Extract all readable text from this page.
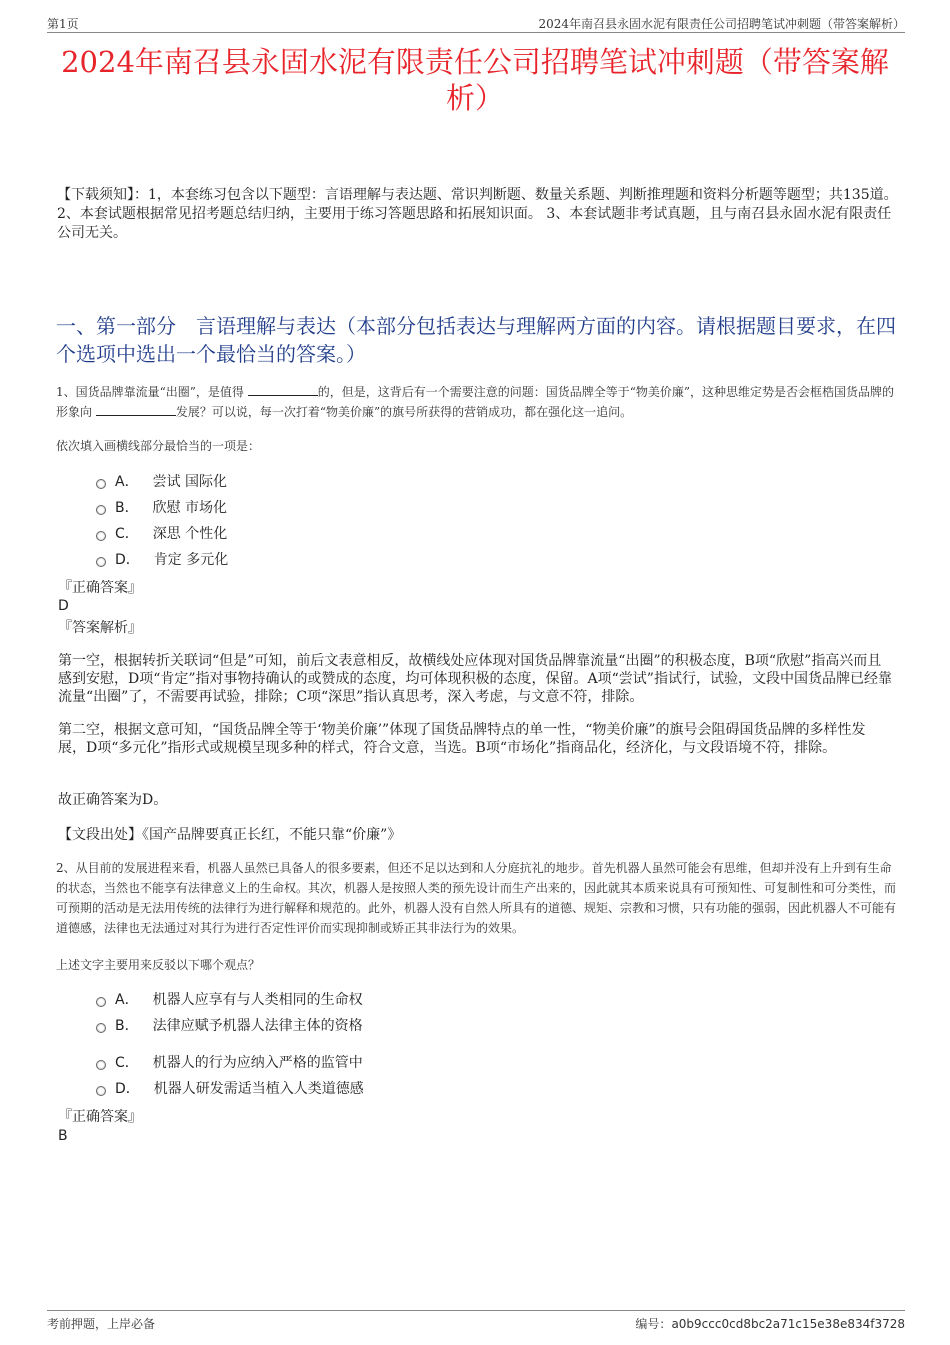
第1页	2024年南召县永固水泥有限责任公司招聘笔试冲刺题（带答案解析）
2024年南召县永固水泥有限责任公司招聘笔试冲刺题（带答案解析）
【下载须知】：1，本套练习包含以下题型：言语理解与表达题、常识判断题、数量关系题、判断推理题和资料分析题等题型；共135道。 2、本套试题根据常见招考题总结归纳，主要用于练习答题思路和拓展知识面。 3、本套试题非考试真题，且与南召县永固水泥有限责任公司无关。
一、第一部分　言语理解与表达（本部分包括表达与理解两方面的内容。请根据题目要求，在四个选项中选出一个最恰当的答案。）

1、国货品牌靠流量“出圈”，是值得	的，但是，这背后有一个需要注意的问题：国货品牌全等于“物美价廉”，这种思维定势是否会框梏国货品牌的形象向	发展？可以说，每一次打着“物美价廉”的旗号所获得的营销成功，都在强化这一追问。

依次填入画横线部分最恰当的一项是：
A． 尝试 国际化
B． 欣慰 市场化
C． 深思 个性化
D． 肯定 多元化
『正确答案』
D
『答案解析』

第一空，根据转折关联词“但是”可知，前后文表意相反，故横线处应体现对国货品牌靠流量“出圈”的积极态度，B项“欣慰”指高兴而且感到安慰，D项“肯定”指对事物持确认的或赞成的态度，均可体现积极的态度，保留。A项“尝试”指试行，试验，文段中国货品牌已经靠流量“出圈”了，不需要再试验，排除；C项“深思”指认真思考，深入考虑，与文意不符，排除。

第二空，根据文意可知，“国货品牌全等于‘物美价廉’”体现了国货品牌特点的单一性，“物美价廉”的旗号会阻碍国货品牌的多样性发展，D项“多元化”指形式或规模呈现多种的样式，符合文意，当选。B项“市场化”指商品化，经济化，与文段语境不符，排除。

故正确答案为D。

【文段出处】《国产品牌要真正长红，不能只靠“价廉”》

2、从目前的发展进程来看，机器人虽然已具备人的很多要素，但还不足以达到和人分庭抗礼的地步。首先机器人虽然可能会有思维，但却并没有上升到有生命的状态，当然也不能享有法律意义上的生命权。其次，机器人是按照人类的预先设计而生产出来的，因此就其本质来说具有可预知性、可复制性和可分类性，而可预期的活动是无法用传统的法律行为进行解释和规范的。此外，机器人没有自然人所具有的道德、规矩、宗教和习惯，只有功能的强弱，因此机器人不可能有道德感，法律也无法通过对其行为进行否定性评价而实现抑制或矫正其非法行为的效果。
上述文字主要用来反驳以下哪个观点？
A． 机器人应享有与人类相同的生命权
B． 法律应赋予机器人法律主体的资格
C． 机器人的行为应纳入严格的监管中
D． 机器人研发需适当植入人类道德感
『正确答案』
B
考前押题，上岸必备	编号：a0b9ccc0cd8bc2a71c15e38e834f3728
